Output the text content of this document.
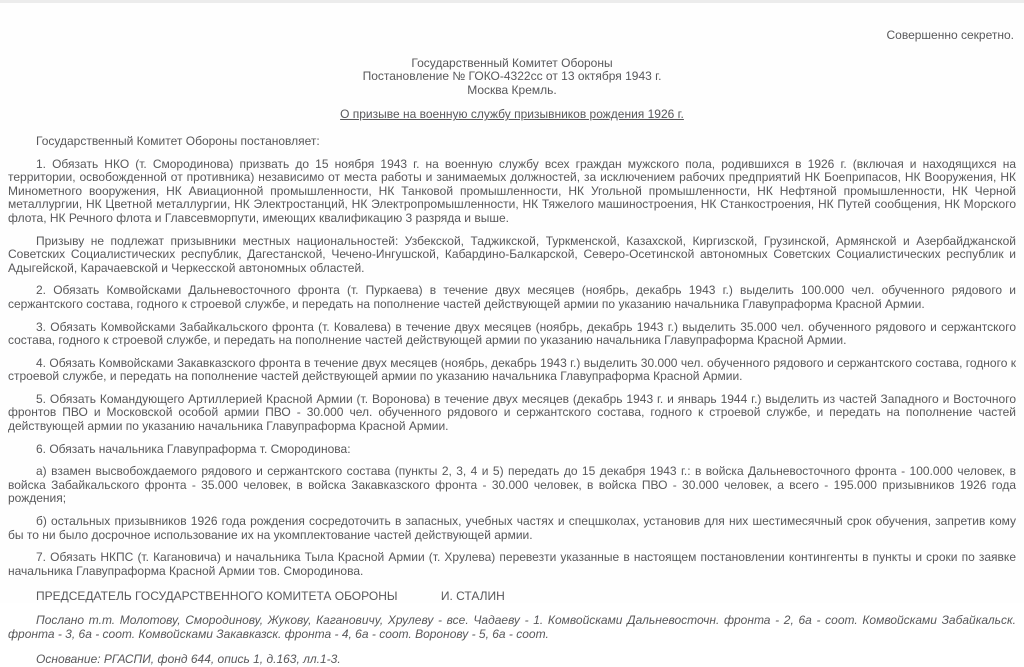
Совершенно секретно.
Государственный Комитет Обороны
Постановление № ГОКО-4322сс от 13 октября 1943 г.
Москва Кремль.
О призыве на военную службу призывников рождения 1926 г.

Государственный Комитет Обороны постановляет:

1. Обязать НКО (т. Смородинова) призвать до 15 ноября 1943 г. на военную службу всех граждан мужского пола, родившихся в 1926 г. (включая и находящихся на территории, освобожденной от противника) независимо от места работы и занимаемых должностей, за исключением рабочих предприятий НК Боеприпасов, НК Вооружения, НК Минометного вооружения, НК Авиационной промышленности, НК Танковой промышленности, НК Угольной промышленности, НК Нефтяной промышленности, НК Черной металлургии, НК Цветной металлургии, НК Электростанций, НК Электропромышленности, НК Тяжелого машиностроения, НК Станкостроения, НК Путей сообщения, НК Морского флота, НК Речного флота и Главсевморпути, имеющих квалификацию 3 разряда и выше.

Призыву не подлежат призывники местных национальностей: Узбекской, Таджикской, Туркменской, Казахской, Киргизской, Грузинской, Армянской и Азербайджанской Советских Социалистических республик, Дагестанской, Чечено-Ингушской, Кабардино-Балкарской, Северо-Осетинской автономных Советских Социалистических республик и Адыгейской, Карачаевской и Черкесской автономных областей.

2. Обязать Комвойсками Дальневосточного фронта (т. Пуркаева) в течение двух месяцев (ноябрь, декабрь 1943 г.) выделить 100.000 чел. обученного рядового и сержантского состава, годного к строевой службе, и передать на пополнение частей действующей армии по указанию начальника Главупраформа Красной Армии.

3. Обязать Комвойсками Забайкальского фронта (т. Ковалева) в течение двух месяцев (ноябрь, декабрь 1943 г.) выделить 35.000 чел. обученного рядового и сержантского состава, годного к строевой службе, и передать на пополнение частей действующей армии по указанию начальника Главупраформа Красной Армии.

4. Обязать Комвойсками Закавказского фронта в течение двух месяцев (ноябрь, декабрь 1943 г.) выделить 30.000 чел. обученного рядового и сержантского состава, годного к строевой службе, и передать на пополнение частей действующей армии по указанию начальника Главупраформа Красной Армии.

5. Обязать Командующего Артиллерией Красной Армии (т. Воронова) в течение двух месяцев (декабрь 1943 г. и январь 1944 г.) выделить из частей Западного и Восточного фронтов ПВО и Московской особой армии ПВО - 30.000 чел. обученного рядового и сержантского состава, годного к строевой службе, и передать на пополнение частей действующей армии по указанию начальника Главупраформа Красной Армии.

6. Обязать начальника Главупраформа т. Смородинова:

а) взамен высвобождаемого рядового и сержантского состава (пункты 2, 3, 4 и 5) передать до 15 декабря 1943 г.: в войска Дальневосточного фронта - 100.000 человек, в войска Забайкальского фронта - 35.000 человек, в войска Закавказского фронта - 30.000 человек, в войска ПВО - 30.000 человек, а всего - 195.000 призывников 1926 года рождения;

б) остальных призывников 1926 года рождения сосредоточить в запасных, учебных частях и спецшколах, установив для них шестимесячный срок обучения, запретив кому бы то ни было досрочное использование их на укомплектование частей действующей армии.

7. Обязать НКПС (т. Кагановича) и начальника Тыла Красной Армии (т. Хрулева) перевезти указанные в настоящем постановлении контингенты в пункты и сроки по заявке начальника Главупраформа Красной Армии тов. Смородинова.

ПРЕДСЕДАТЕЛЬ ГОСУДАРСТВЕННОГО КОМИТЕТА ОБОРОНЫ	И. СТАЛИН

Послано т.т. Молотову, Смородинову, Жукову, Кагановичу, Хрулеву - все. Чадаеву - 1. Комвойсками Дальневосточн. фронта - 2, 6а - соот. Комвойсками Забайкальск. фронта - 3, 6а - соот. Комвойсками Закавказск. фронта - 4, 6а - соот. Воронову - 5, 6а - соот.

Основание: РГАСПИ, фонд 644, опись 1, д.163, лл.1-3.
